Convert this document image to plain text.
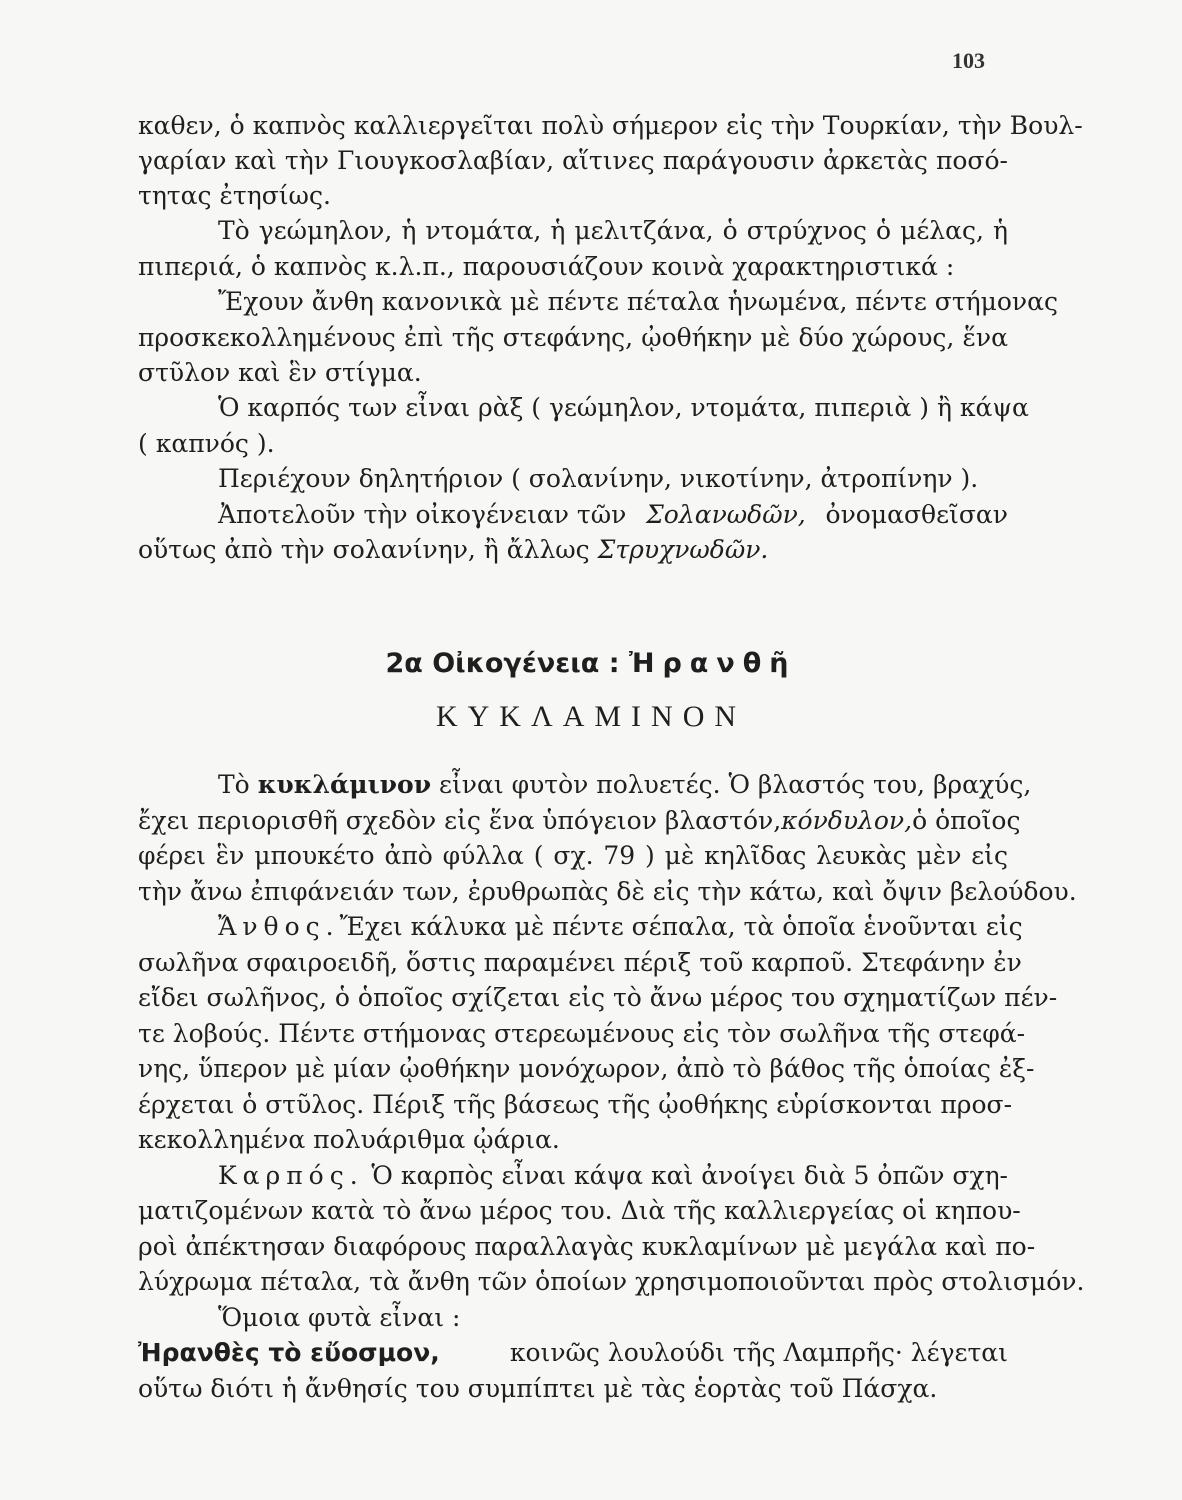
103
καθεν, ὁ καπνὸς καλλιεργεῖται πολὺ σήμερον εἰς τὴν Τουρκίαν, τὴν Βουλ-
γαρίαν καὶ τὴν Γιουγκοσλαβίαν, αἵτινες παράγουσιν ἀρκετὰς ποσό-
τητας ἐτησίως.
Τὸ γεώμηλον, ἡ ντομάτα, ἡ μελιτζάνα, ὁ στρύχνος ὁ μέλας, ἡ
πιπεριά, ὁ καπνὸς κ.λ.π., παρουσιάζουν κοινὰ χαρακτηριστικά :
Ἔχουν ἄνθη κανονικὰ μὲ πέντε πέταλα ἡνωμένα, πέντε στήμονας
προσκεκολλημένους ἐπὶ τῆς στεφάνης, ᾠοθήκην μὲ δύο χώρους, ἕνα
στῦλον καὶ ἓν στίγμα.
Ὁ καρπός των εἶναι ρὰξ ( γεώμηλον, ντομάτα, πιπεριὰ ) ἢ κάψα
( καπνός ).
Περιέχουν δηλητήριον ( σολανίνην, νικοτίνην, ἀτροπίνην ).
Ἀποτελοῦν τὴν οἰκογένειαν τῶν Σολανωδῶν, ὀνομασθεῖσαν
οὕτως ἀπὸ τὴν σολανίνην, ἢ ἄλλως Στρυχνωδῶν.
2α Οἰκογένεια : Ἠρανθῆ
ΚΥΚΛΑΜΙΝΟΝ
Τὸ κυκλάμινον εἶναι φυτὸν πολυετές. Ὁ βλαστός του, βραχύς,
ἔχει περιορισθῆ σχεδὸν εἰς ἕνα ὑπόγειον βλαστόν, κόνδυλον, ὁ ὁποῖος
φέρει ἓν μπουκέτο ἀπὸ φύλλα ( σχ. 79 ) μὲ κηλῖδας λευκὰς μὲν εἰς
τὴν ἄνω ἐπιφάνειάν των, ἐρυθρωπὰς δὲ εἰς τὴν κάτω, καὶ ὄψιν βελούδου.
Ἄνθος. Ἔχει κάλυκα μὲ πέντε σέπαλα, τὰ ὁποῖα ἑνοῦνται εἰς
σωλῆνα σφαιροειδῆ, ὅστις παραμένει πέριξ τοῦ καρποῦ. Στεφάνην ἐν
εἴδει σωλῆνος, ὁ ὁποῖος σχίζεται εἰς τὸ ἄνω μέρος του σχηματίζων πέν-
τε λοβούς. Πέντε στήμονας στερεωμένους εἰς τὸν σωλῆνα τῆς στεφά-
νης, ὕπερον μὲ μίαν ᾠοθήκην μονόχωρον, ἀπὸ τὸ βάθος τῆς ὁποίας ἐξ-
έρχεται ὁ στῦλος. Πέριξ τῆς βάσεως τῆς ᾠοθήκης εὑρίσκονται προσ-
κεκολλημένα πολυάριθμα ᾠάρια.
Καρπός. Ὁ καρπὸς εἶναι κάψα καὶ ἀνοίγει διὰ 5 ὀπῶν σχη-
ματιζομένων κατὰ τὸ ἄνω μέρος του. Διὰ τῆς καλλιεργείας οἱ κηπου-
ροὶ ἀπέκτησαν διαφόρους παραλλαγὰς κυκλαμίνων μὲ μεγάλα καὶ πο-
λύχρωμα πέταλα, τὰ ἄνθη τῶν ὁποίων χρησιμοποιοῦνται πρὸς στολισμόν.
Ὅμοια φυτὰ εἶναι :
Ἠρανθὲς τὸ εὔοσμον,	κοινῶς λουλούδι τῆς Λαμπρῆς· λέγεται
οὕτω διότι ἡ ἄνθησίς του συμπίπτει μὲ τὰς ἑορτὰς τοῦ Πάσχα.
